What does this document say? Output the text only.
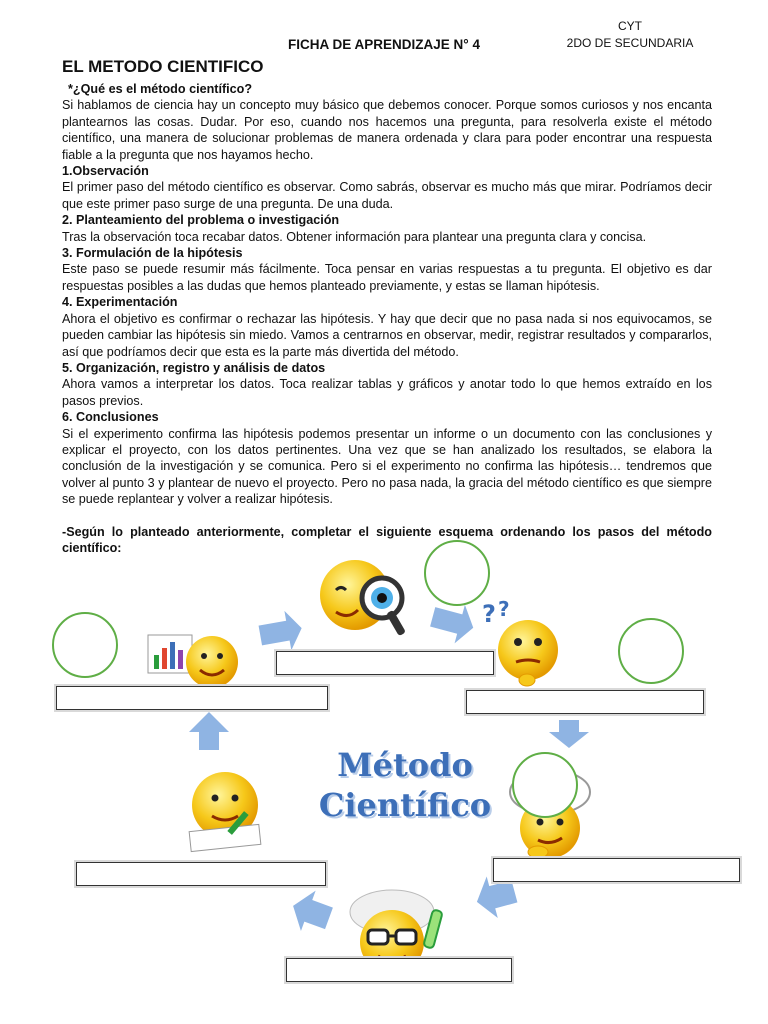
CYT
2DO DE SECUNDARIA
FICHA DE APRENDIZAJE N° 4
EL METODO CIENTIFICO

*¿Qué es el método científico?

Si hablamos de ciencia hay un concepto muy básico que debemos conocer. Porque somos curiosos y nos encanta plantearnos las cosas. Dudar. Por eso, cuando nos hacemos una pregunta, para resolverla existe el método científico, una manera de solucionar problemas de manera ordenada y clara para poder encontrar una respuesta fiable a la pregunta que nos hayamos hecho.

1.Observación

El primer paso del método científico es observar. Como sabrás, observar es mucho más que mirar. Podríamos decir que este primer paso surge de una pregunta. De una duda.

2. Planteamiento del problema o investigación

Tras la observación toca recabar datos. Obtener información para plantear una pregunta clara y concisa.

3. Formulación de la hipótesis

Este paso se puede resumir más fácilmente. Toca pensar en varias respuestas a tu pregunta. El objetivo es dar respuestas posibles a las dudas que hemos planteado previamente, y estas se llaman hipótesis.

4. Experimentación

Ahora el objetivo es confirmar o rechazar las hipótesis. Y hay que decir que no pasa nada si nos equivocamos, se pueden cambiar las hipótesis sin miedo. Vamos a centrarnos en observar, medir, registrar resultados y compararlos, así que podríamos decir que esta es la parte más divertida del método.

5. Organización, registro y análisis de datos

Ahora vamos a interpretar los datos. Toca realizar tablas y gráficos y anotar todo lo que hemos extraído en los pasos previos.

6. Conclusiones

Si el experimento confirma las hipótesis podemos presentar un informe o un documento con las conclusiones y explicar el proyecto, con los datos pertinentes. Una vez que se han analizado los resultados, se elabora la conclusión de la investigación y se comunica. Pero si el experimento no confirma las hipótesis… tendremos que volver al punto 3 y plantear de nuevo el proyecto. Pero no pasa nada, la gracia del método científico es que siempre se puede replantear y volver a realizar hipótesis.

-Según lo planteado anteriormente, completar el siguiente esquema ordenando los pasos del método científico:

? ?
Método
Científico
